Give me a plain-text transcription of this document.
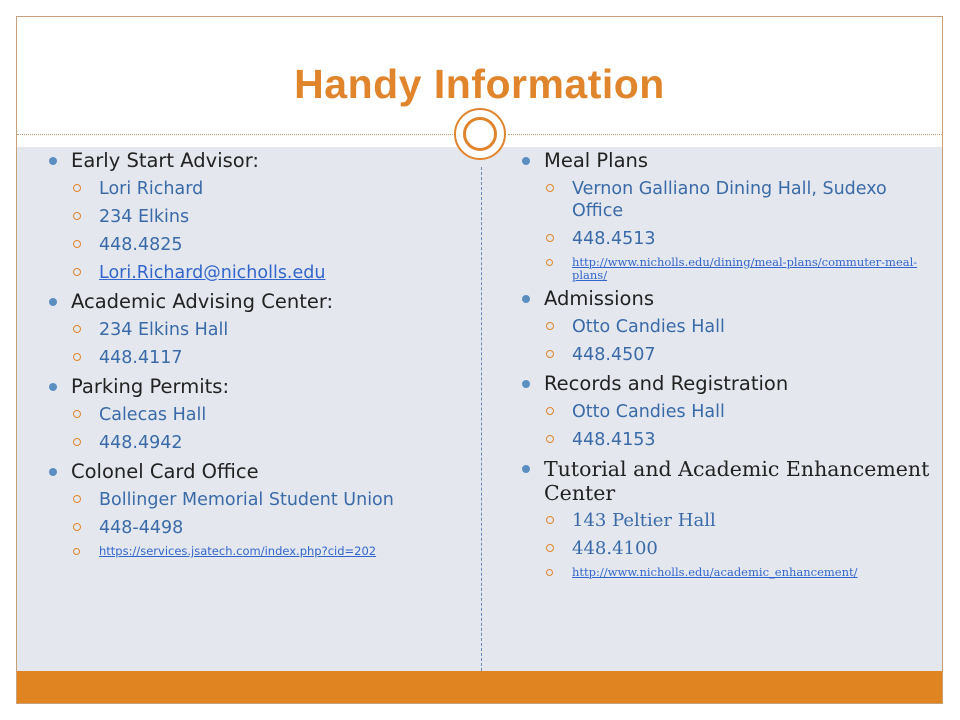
Handy Information
Early Start Advisor:
Lori Richard
234 Elkins
448.4825
Lori.Richard@nicholls.edu
Academic Advising Center:
234 Elkins Hall
448.4117
Parking Permits:
Calecas Hall
448.4942
Colonel Card Office
Bollinger Memorial Student Union
448-4498
https://services.jsatech.com/index.php?cid=202
Meal Plans
Vernon Galliano Dining Hall, Sudexo Office
448.4513
http://www.nicholls.edu/dining/meal-plans/commuter-meal-plans/
Admissions
Otto Candies Hall
448.4507
Records and Registration
Otto Candies Hall
448.4153
Tutorial and Academic Enhancement Center
143 Peltier Hall
448.4100
http://www.nicholls.edu/academic_enhancement/
